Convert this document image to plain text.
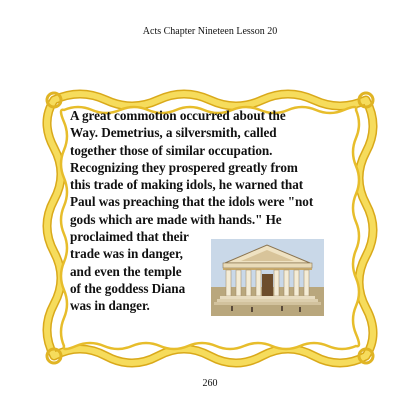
Acts Chapter Nineteen Lesson 20
A great commotion occurred about the
Way. Demetrius, a silversmith, called
together those of similar occupation.
Recognizing they prospered greatly from
this trade of making idols, he warned that
Paul was preaching that the idols were "not
gods which are made with hands." He
proclaimed that their
trade was in danger,
and even the temple
of the goddess Diana
was in danger.
260
